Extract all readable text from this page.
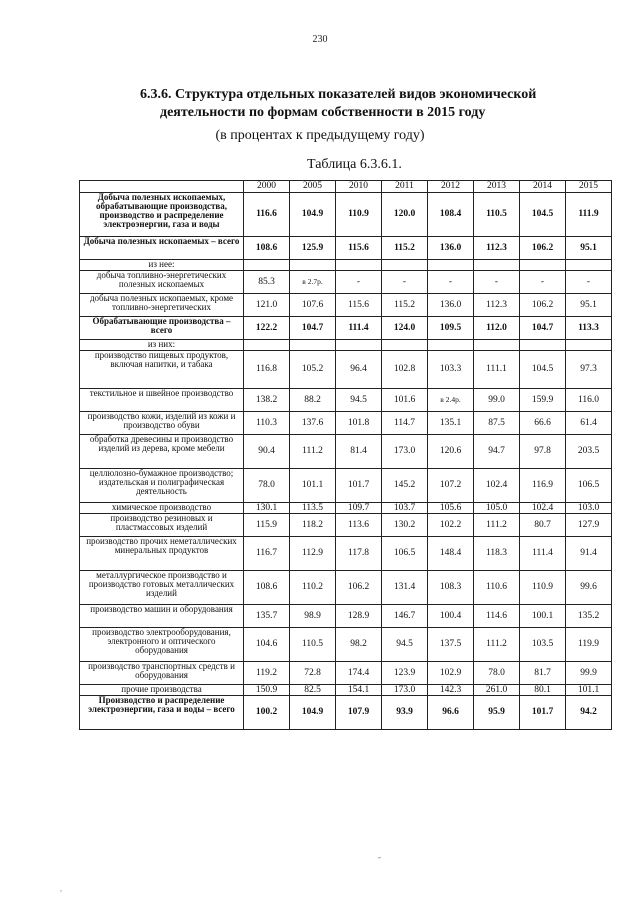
230
6.3.6. Структура отдельных показателей видов экономической
деятельности по формам собственности в 2015 году
(в процентах к предыдущему году)
Таблица 6.3.6.1.
	2000	2005	2010	2011	2012	2013	2014	2015
Добыча полезных ископаемых, обрабатывающие производства, производство и распределение электроэнергии, газа и воды	116.6	104.9	110.9	120.0	108.4	110.5	104.5	111.9
Добыча полезных ископаемых – всего	108.6	125.9	115.6	115.2	136.0	112.3	106.2	95.1
из нее:								
добыча топливно-энергетических полезных ископаемых	85.3	в 2.7р.	-	-	-	-	-	-
добыча полезных ископаемых, кроме топливно-энергетических	121.0	107.6	115.6	115.2	136.0	112.3	106.2	95.1
Обрабатывающие производства – всего	122.2	104.7	111.4	124.0	109.5	112.0	104.7	113.3
из них:								
производство пищевых продуктов, включая напитки, и табака	116.8	105.2	96.4	102.8	103.3	111.1	104.5	97.3
текстильное и швейное производство	138.2	88.2	94.5	101.6	в 2.4р.	99.0	159.9	116.0
производство кожи, изделий из кожи и производство обуви	110.3	137.6	101.8	114.7	135.1	87.5	66.6	61.4
обработка древесины и производство изделий из дерева, кроме мебели	90.4	111.2	81.4	173.0	120.6	94.7	97.8	203.5
целлюлозно-бумажное производство; издательская и полиграфическая деятельность	78.0	101.1	101.7	145.2	107.2	102.4	116.9	106.5
химическое производство	130.1	113.5	109.7	103.7	105.6	105.0	102.4	103.0
производство резиновых и пластмассовых изделий	115.9	118.2	113.6	130.2	102.2	111.2	80.7	127.9
производство прочих неметаллических минеральных продуктов	116.7	112.9	117.8	106.5	148.4	118.3	111.4	91.4
металлургическое производство и производство готовых металлических изделий	108.6	110.2	106.2	131.4	108.3	110.6	110.9	99.6
производство машин и оборудования	135.7	98.9	128.9	146.7	100.4	114.6	100.1	135.2
производство электрооборудования, электронного и оптического оборудования	104.6	110.5	98.2	94.5	137.5	111.2	103.5	119.9
производство транспортных средств и оборудования	119.2	72.8	174.4	123.9	102.9	78.0	81.7	99.9
прочие производства	150.9	82.5	154.1	173.0	142.3	261.0	80.1	101.1
Производство и распределение электроэнергии, газа и воды – всего	100.2	104.9	107.9	93.9	96.6	95.9	101.7	94.2
-
,
